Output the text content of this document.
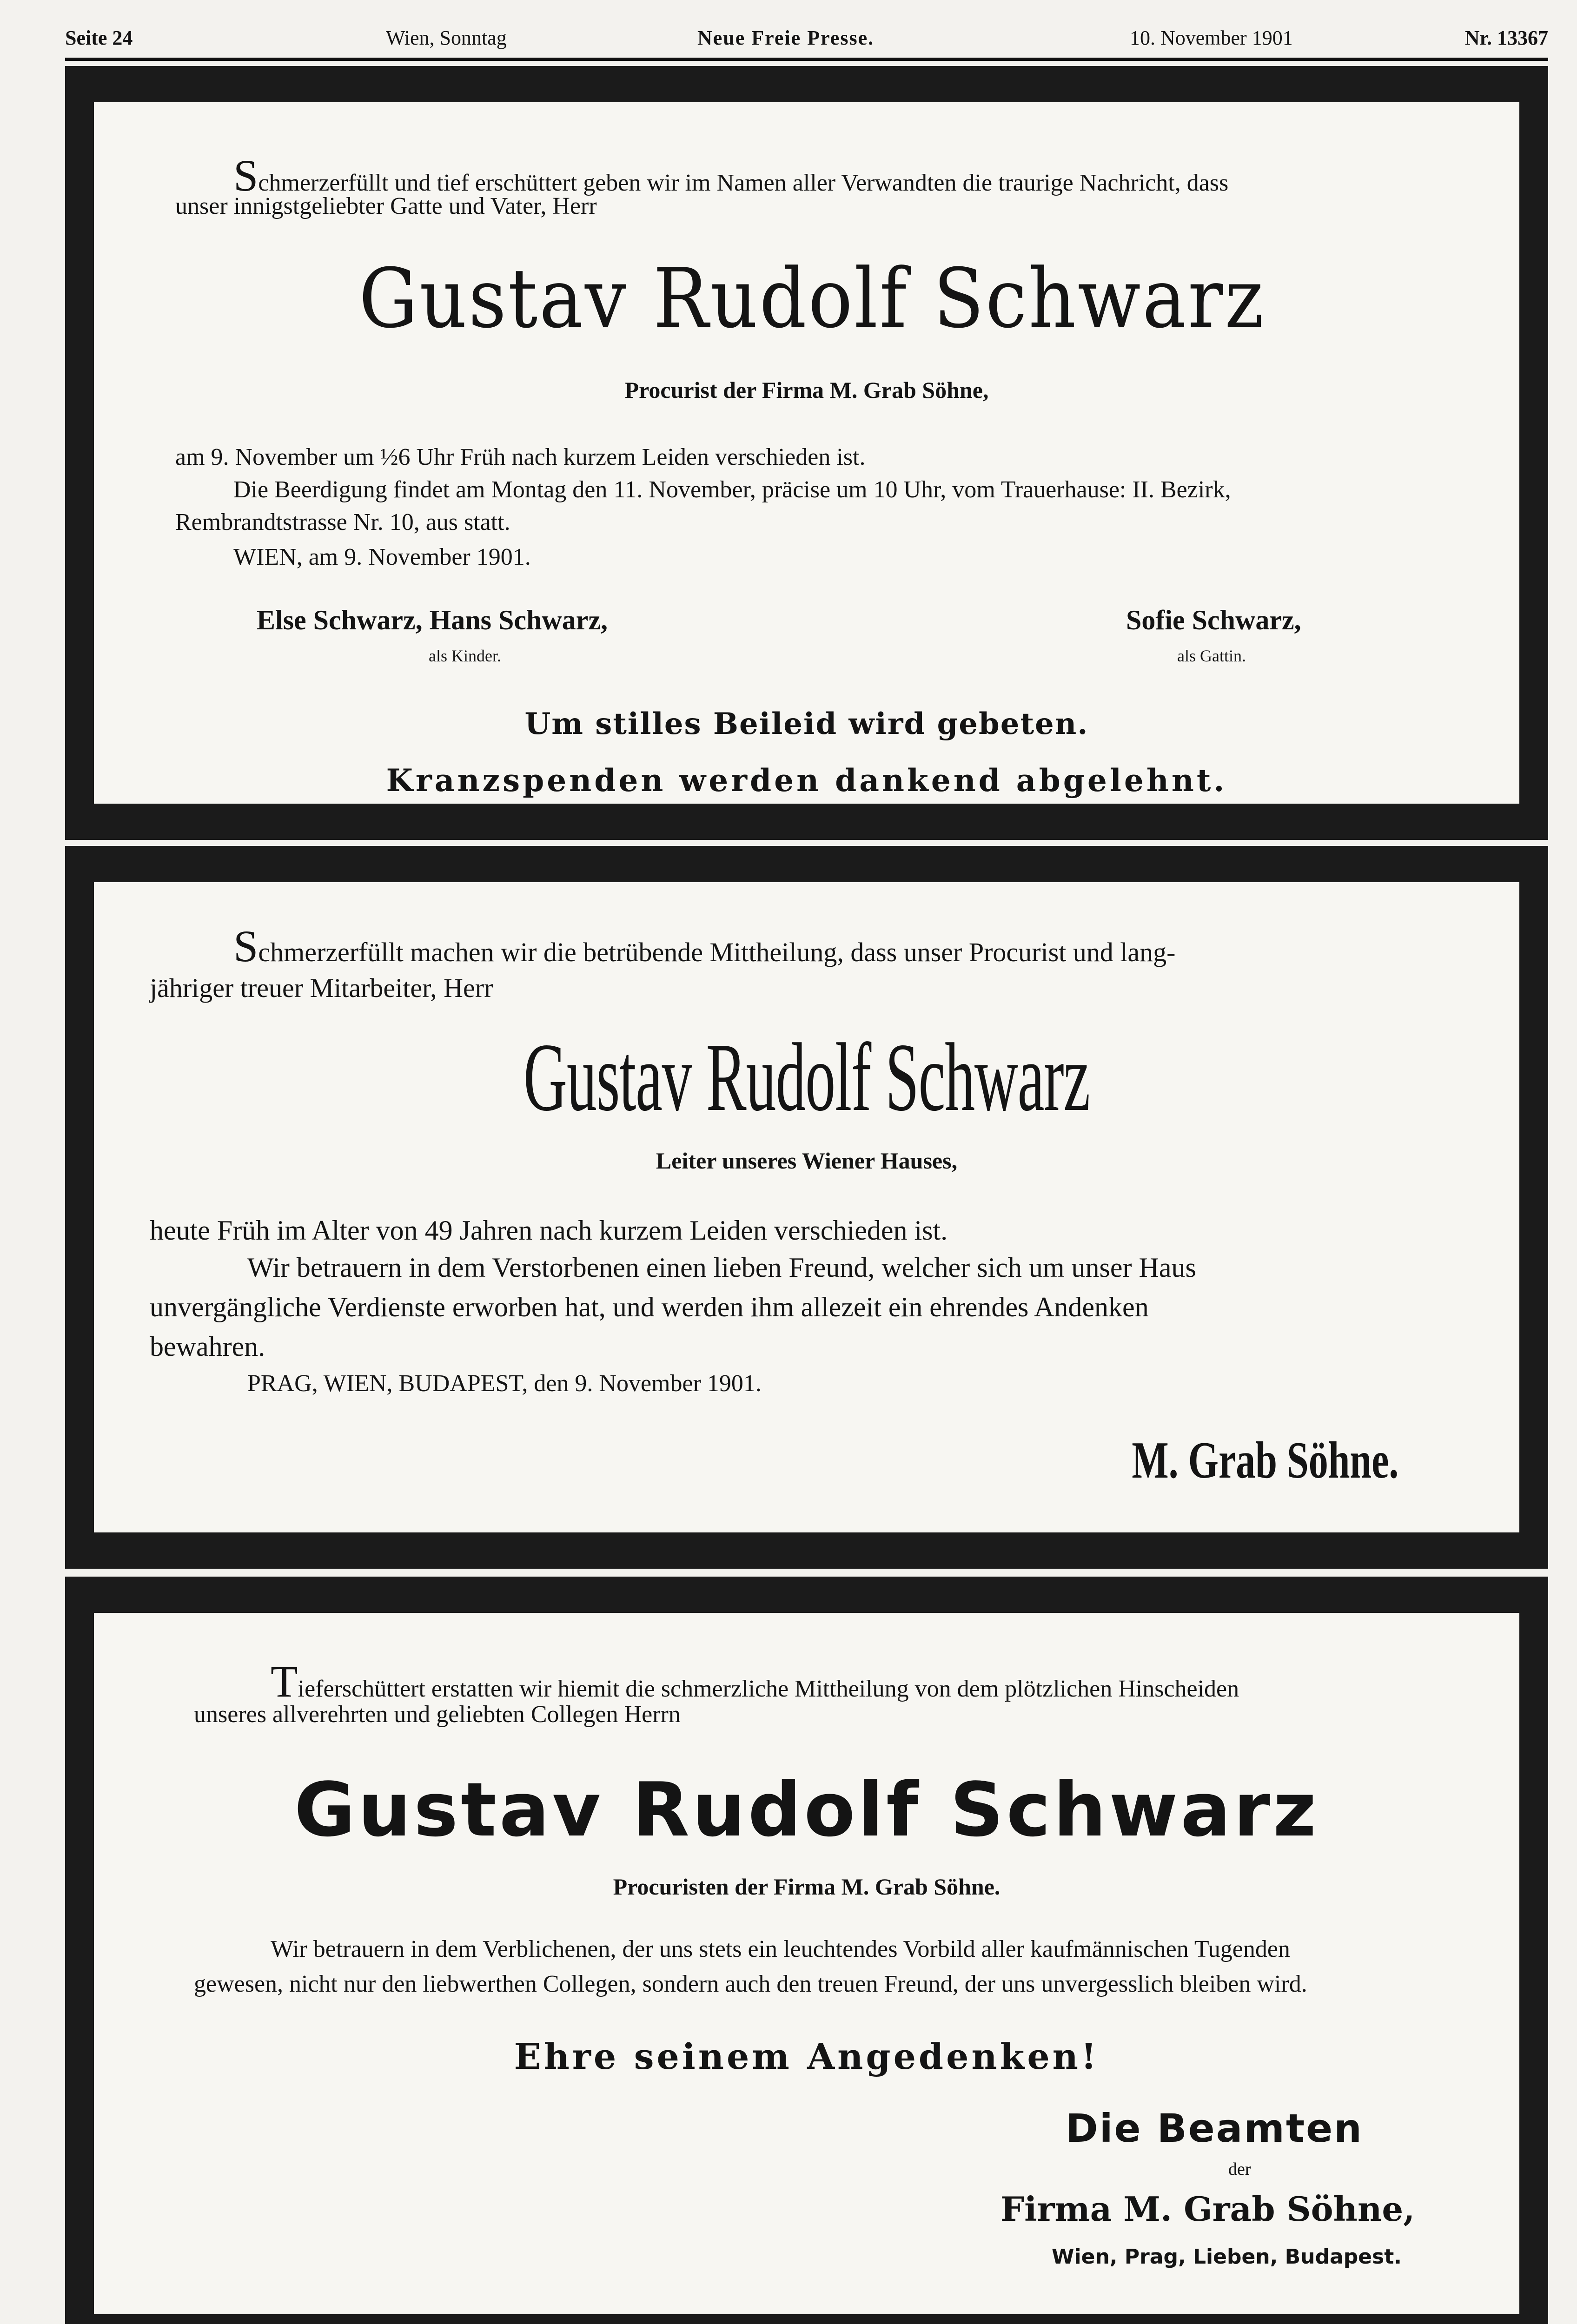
Seite 24	Wien, Sonntag	Neue Freie Presse.	10. November 1901	Nr. 13367
Schmerzerfüllt und tief erschüttert geben wir im Namen aller Verwandten die traurige Nachricht, dass
unser innigstgeliebter Gatte und Vater, Herr
Gustav Rudolf Schwarz
Procurist der Firma M. Grab Söhne,
am 9. November um ½6 Uhr Früh nach kurzem Leiden verschieden ist.
Die Beerdigung findet am Montag den 11. November, präcise um 10 Uhr, vom Trauerhause: II. Bezirk,
Rembrandtstrasse Nr. 10, aus statt.
WIEN, am 9. November 1901.
Else Schwarz, Hans Schwarz,
als Kinder.
Sofie Schwarz,
als Gattin.
Um stilles Beileid wird gebeten.
Kranzspenden werden dankend abgelehnt.
Schmerzerfüllt machen wir die betrübende Mittheilung, dass unser Procurist und lang-
jähriger treuer Mitarbeiter, Herr
Gustav Rudolf Schwarz
Leiter unseres Wiener Hauses,
heute Früh im Alter von 49 Jahren nach kurzem Leiden verschieden ist.
Wir betrauern in dem Verstorbenen einen lieben Freund, welcher sich um unser Haus
unvergängliche Verdienste erworben hat, und werden ihm allezeit ein ehrendes Andenken
bewahren.
PRAG, WIEN, BUDAPEST, den 9. November 1901.
M. Grab Söhne.
Tieferschüttert erstatten wir hiemit die schmerzliche Mittheilung von dem plötzlichen Hinscheiden
unseres allverehrten und geliebten Collegen Herrn
Gustav Rudolf Schwarz
Procuristen der Firma M. Grab Söhne.
Wir betrauern in dem Verblichenen, der uns stets ein leuchtendes Vorbild aller kaufmännischen Tugenden
gewesen, nicht nur den liebwerthen Collegen, sondern auch den treuen Freund, der uns unvergesslich bleiben wird.
Ehre seinem Angedenken!
Die Beamten
der
Firma M. Grab Söhne,
Wien, Prag, Lieben, Budapest.
